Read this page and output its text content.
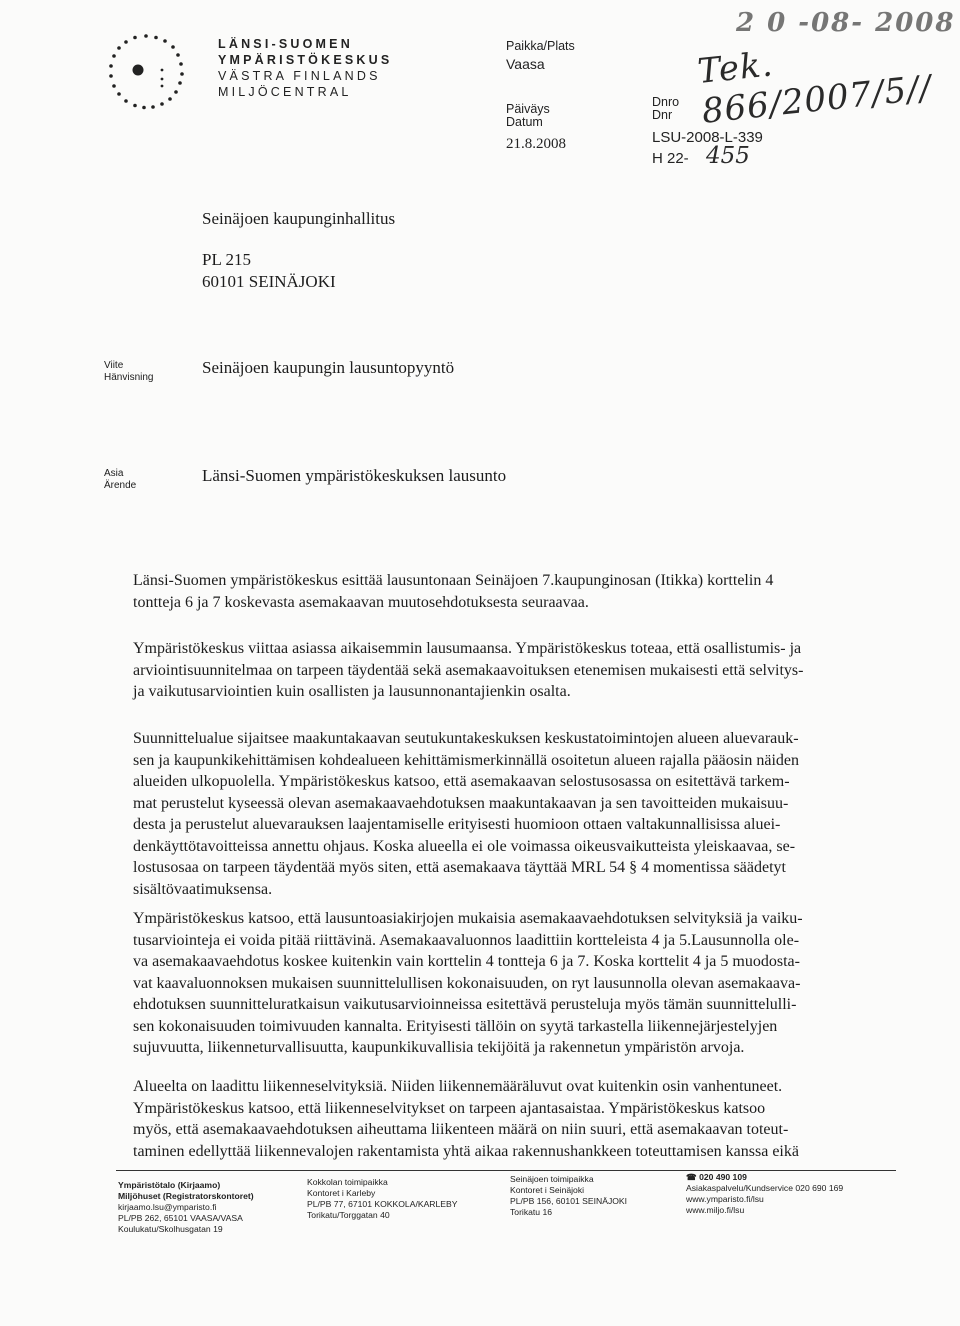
LÄNSI-SUOMEN
YMPÄRISTÖKESKUS
VÄSTRA FINLANDS
MILJÖCENTRAL
Paikka/Plats
Vaasa
Päiväys
Datum
21.8.2008
Dnro
Dnr
LSU-2008-L-339
H 22- 455
Tek. 866/2007/5//
2 0 -08- 2008
Seinäjoen kaupunginhallitus
PL 215
60101 SEINÄJOKI
Viite
Hänvisning
Seinäjoen kaupungin lausuntopyyntö
Asia
Ärende
Länsi-Suomen ympäristökeskuksen lausunto
Länsi-Suomen ympäristökeskus esittää lausuntonaan Seinäjoen 7.kaupunginosan (Itikka) korttelin 4
tontteja 6 ja 7 koskevasta asemakaavan muutosehdotuksesta seuraavaa.
Ympäristökeskus viittaa asiassa aikaisemmin lausumaansa. Ympäristökeskus toteaa, että osallistumis- ja
arviointisuunnitelmaa on tarpeen täydentää sekä asemakaavoituksen etenemisen mukaisesti että selvitys-
ja vaikutusarviointien kuin osallisten ja lausunnonantajienkin osalta.
Suunnittelualue sijaitsee maakuntakaavan seutukuntakeskuksen keskustatoimintojen alueen aluevarauk-
sen ja kaupunkikehittämisen kohdealueen kehittämismerkinnällä osoitetun alueen rajalla pääosin näiden
alueiden ulkopuolella. Ympäristökeskus katsoo, että asemakaavan selostusosassa on esitettävä tarkem-
mat perustelut kyseessä olevan asemakaavaehdotuksen maakuntakaavan ja sen tavoitteiden mukaisuu-
desta ja perustelut aluevarauksen laajentamiselle erityisesti huomioon ottaen valtakunnallisissa aluei-
denkäyttötavoitteissa annettu ohjaus. Koska alueella ei ole voimassa oikeusvaikutteista yleiskaavaa, se-
lostusosaa on tarpeen täydentää myös siten, että asemakaava täyttää MRL 54 § 4 momentissa säädetyt
sisältövaatimuksensa.
Ympäristökeskus katsoo, että lausuntoasiakirjojen mukaisia asemakaavaehdotuksen selvityksiä ja vaiku-
tusarviointeja ei voida pitää riittävinä. Asemakaavaluonnos laadittiin kortteleista 4 ja 5.Lausunnolla ole-
va asemakaavaehdotus koskee kuitenkin vain korttelin 4 tontteja 6 ja 7. Koska korttelit 4 ja 5 muodosta-
vat kaavaluonnoksen mukaisen suunnittelullisen kokonaisuuden, on ryt lausunnolla olevan asemakaava-
ehdotuksen suunnitteluratkaisun vaikutusarvioinneissa esitettävä perusteluja myös tämän suunnittelulli-
sen kokonaisuuden toimivuuden kannalta. Erityisesti tällöin on syytä tarkastella liikennejärjestelyjen
sujuvuutta, liikenneturvallisuutta, kaupunkikuvallisia tekijöitä ja rakennetun ympäristön arvoja.
Alueelta on laadittu liikenneselvityksiä. Niiden liikennemääräluvut ovat kuitenkin osin vanhentuneet.
Ympäristökeskus katsoo, että liikenneselvitykset on tarpeen ajantasaistaa. Ympäristökeskus katsoo
myös, että asemakaavaehdotuksen aiheuttama liikenteen määrä on niin suuri, että asemakaavan toteut-
taminen edellyttää liikennevalojen rakentamista yhtä aikaa rakennushankkeen toteuttamisen kanssa eikä
Ympäristötalo (Kirjaamo)
Miljöhuset (Registratorskontoret)
kirjaamo.lsu@ymparisto.fi
PL/PB 262, 65101 VAASA/VASA
Koulukatu/Skolhusgatan 19
Kokkolan toimipaikka
Kontoret i Karleby
PL/PB 77, 67101 KOKKOLA/KARLEBY
Torikatu/Torggatan 40
Seinäjoen toimipaikka
Kontoret i Seinäjoki
PL/PB 156, 60101 SEINÄJOKI
Torikatu 16
☎ 020 490 109
Asiakaspalvelu/Kundservice 020 690 169
www.ymparisto.fi/lsu
www.miljo.fi/lsu
